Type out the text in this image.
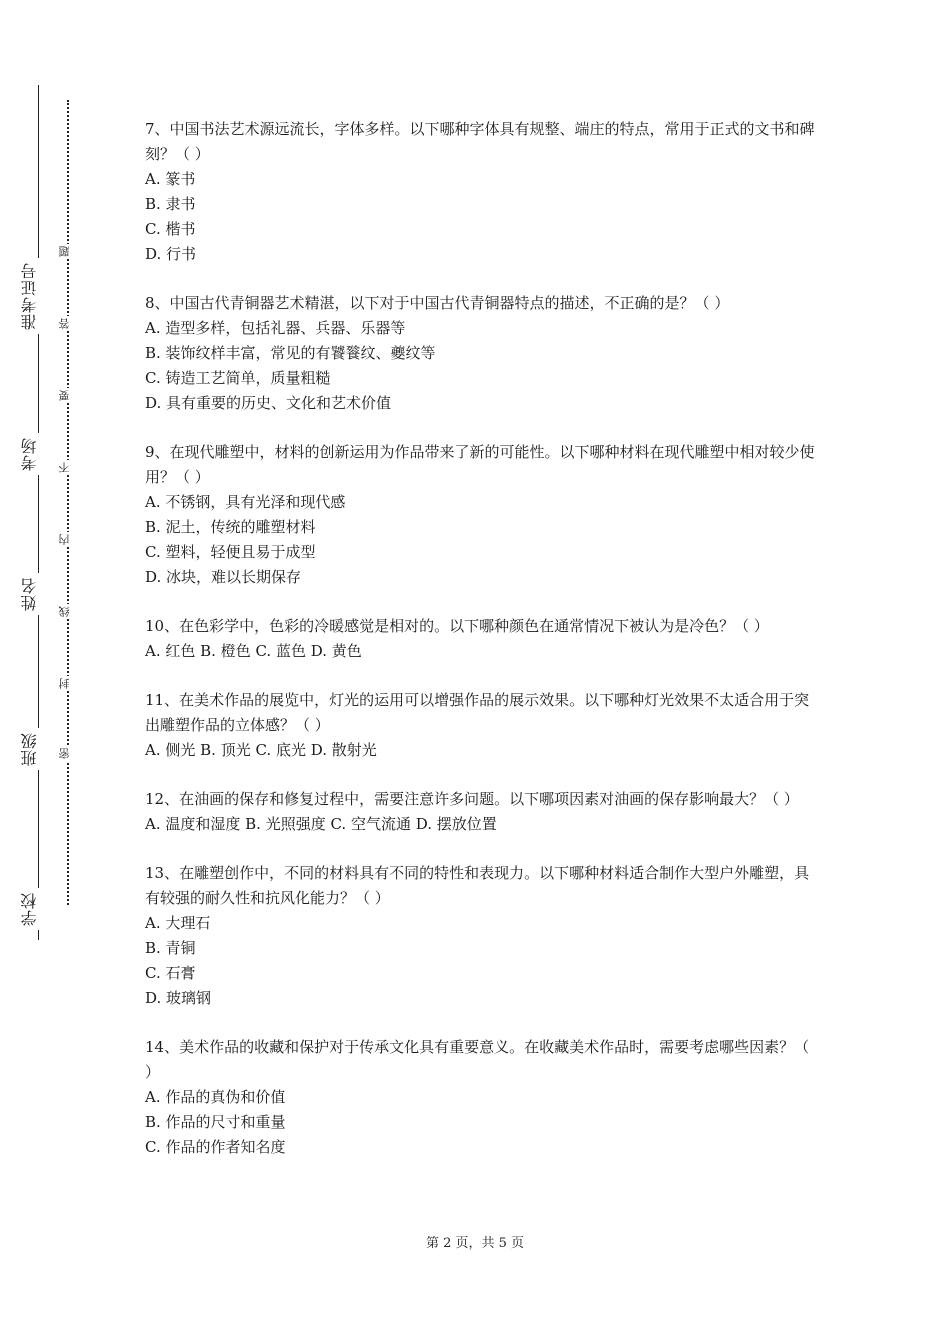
准考证号
考场
姓名
班级
学校
题
答
要
不
内
线
封
密

7、中国书法艺术源远流长，字体多样。以下哪种字体具有规整、端庄的特点，常用于正式的文书和碑刻？（ ）

A. 篆书

B. 隶书

C. 楷书

D. 行书

8、中国古代青铜器艺术精湛，以下对于中国古代青铜器特点的描述，不正确的是？（ ）

A. 造型多样，包括礼器、兵器、乐器等

B. 装饰纹样丰富，常见的有饕餮纹、夔纹等

C. 铸造工艺简单，质量粗糙

D. 具有重要的历史、文化和艺术价值

9、在现代雕塑中，材料的创新运用为作品带来了新的可能性。以下哪种材料在现代雕塑中相对较少使用？（ ）

A. 不锈钢，具有光泽和现代感

B. 泥土，传统的雕塑材料

C. 塑料，轻便且易于成型

D. 冰块，难以长期保存

10、在色彩学中，色彩的冷暖感觉是相对的。以下哪种颜色在通常情况下被认为是冷色？（ ）

A. 红色 B. 橙色 C. 蓝色 D. 黄色

11、在美术作品的展览中，灯光的运用可以增强作品的展示效果。以下哪种灯光效果不太适合用于突出雕塑作品的立体感？（ ）

A. 侧光 B. 顶光 C. 底光 D. 散射光

12、在油画的保存和修复过程中，需要注意许多问题。以下哪项因素对油画的保存影响最大？（ ）

A. 温度和湿度 B. 光照强度 C. 空气流通 D. 摆放位置

13、在雕塑创作中，不同的材料具有不同的特性和表现力。以下哪种材料适合制作大型户外雕塑，具有较强的耐久性和抗风化能力？（ ）

A. 大理石

B. 青铜

C. 石膏

D. 玻璃钢

14、美术作品的收藏和保护对于传承文化具有重要意义。在收藏美术作品时，需要考虑哪些因素？（ ）

A. 作品的真伪和价值

B. 作品的尺寸和重量

C. 作品的作者知名度

第 2 页，共 5 页
